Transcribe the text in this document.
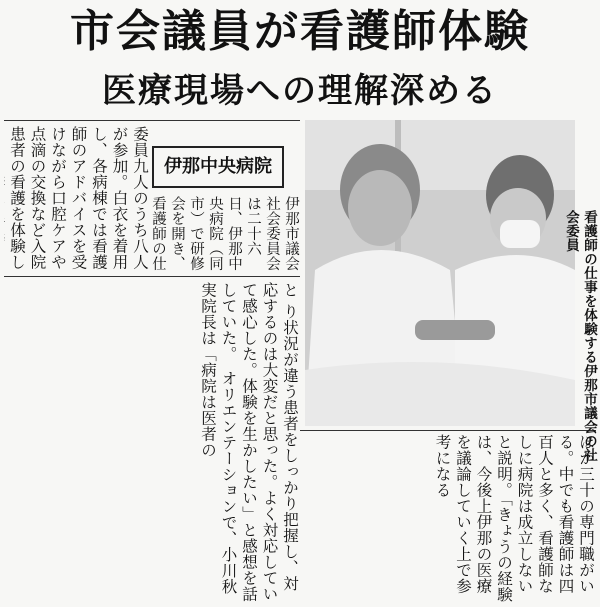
市会議員が看護師体験
医療現場への理解深める
伊那市議会社会委員会は二十六日、伊那中央病院（同市）で研修会を開き、看護師の仕
伊那中央病院
委員九人のうち八人が参加。白衣を着用し、各病棟では看護師のアドバイスを受けながら口腔ケアや点滴の交換など入院患者の看護を体験し　
と り状況が違う患者をしっかり把握し、対応するのは大変だと思った。よく対応していて感心した。体験を生かしたい」と感想を話していた。　オリエンテーションで、小川秋実院長は「病院は医者の	看護師の仕事を体験する伊那市議会の社会委員
ほか三十の専門職がいる。中でも看護師は四百人と多く、看護師なしに病院は成立しないと説明。「きょうの経験は、今後上伊那の医療を議論していく上で参考になる
